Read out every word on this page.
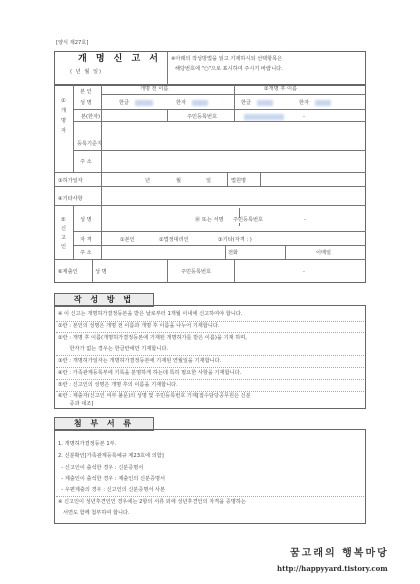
[양식 제27호]
개 명 신 고 서
( 년 월 일)
※아래의 작성방법을 읽고 기재하시되 선택항목은
해당번호에 "○"으로 표시하여 주시기 바랍니다.
①
개
명
자
본 인
성 명
개명 전 이름	②개명 후 이름
한글	한자	한글	한자
본(한자)	주민등록번호	-
등록기준지
주 소
③허가일자	년	월	일	법원명
④기타사항
⑤
신
고
인
성 명	㊞ 또는 서명 주민등록번호	-
자 격	①본인	②법정대리인	③기타(자격 : )
주 소	전화	이메일
⑥제출인	성 명	주민등록번호	-
작 성 방 법
※ 이 신고는 개명허가결정등본을 받은 날로부터 1개월 이내에 신고하여야 합니다.
①란 : 본인의 성명은 개명 전 이름과 개명 후 이름을 나누어 기재합니다.
②란 : 개명 후 이름(개명허가결정등본에 기재된 개명허가를 받은 이름)을 기재 하며,
한자가 없는 경우는 한글란에만 기재합니다.
③란 : 개명허가일자는 개명허가결정등본에 기재된 연월일을 기재합니다.
④란 : 가족관계등록부에 기록을 분명하게 하는데 특히 필요한 사항을 기재합니다.
⑤란 : 신고인의 성명은 개명 후의 이름을 기재합니다.
⑥란 : 제출자(신고인 여부 불문)의 성명 및 주민등록번호 기재[접수담당공무원은 신분
증과 대조]
첨 부 서 류
1. 개명허가결정등본 1부.
2. 신분확인[가족관계등록예규 제23호에 의함]
- 신고인이 출석한 경우 : 신분증명서
- 제출인이 출석한 경우 : 제출인의 신분증명서
- 우편제출의 경우 : 신고인의 신분증명서 사본
※ 신고인이 성년후견인인 경우에는 2항의 서류 외에 성년후견인의 자격을 증명하는
서면도 함께 첨부하여 합니다.
꿈고래의 행복마당
http://happyyard.tistory.com
